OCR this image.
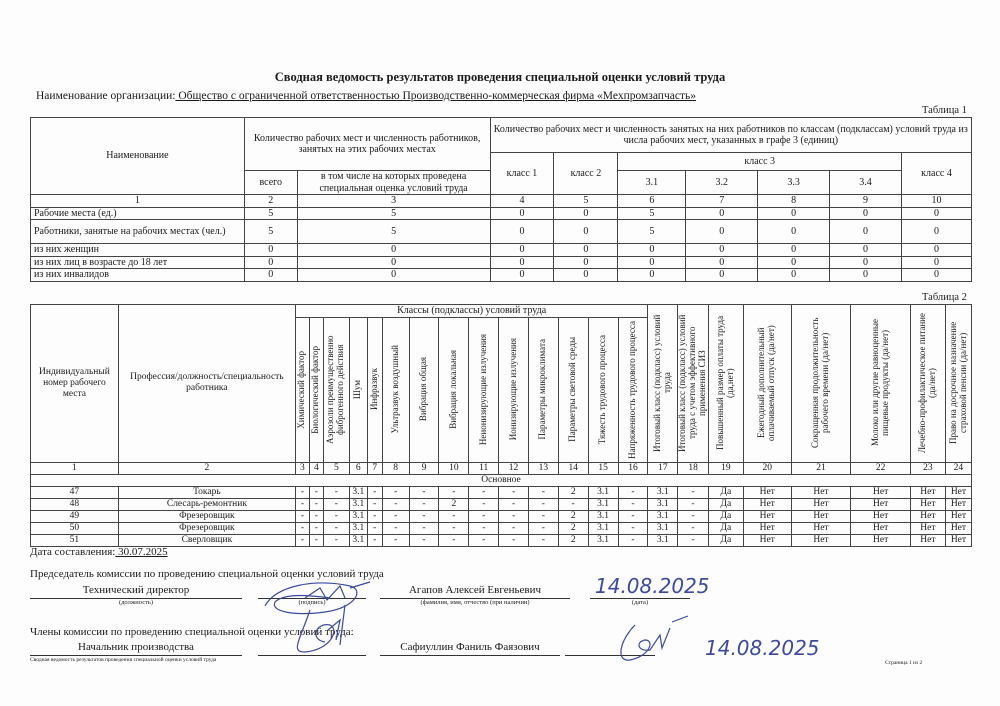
Сводная ведомость результатов проведения специальной оценки условий труда
Наименование организации: Общество с ограниченной ответственностью Производственно-коммерческая фирма «Мехпромзапчасть»
Таблица 1
Наименование	Количество рабочих мест и численность работников, занятых на этих рабочих местах		Количество рабочих мест и численность занятых на них работников по классам (подклассам) условий труда из числа рабочих мест, указанных в графе 3 (единиц)						
			класс 1	класс 2	класс 3				класс 4
	всего	в том числе на которых проведена специальная оценка условий труда			3.1	3.2	3.3	3.4	
1	2	3	4	5	6	7	8	9	10
Рабочие места (ед.)	5	5	0	0	5	0	0	0	0
Работники, занятые на рабочих местах (чел.)	5	5	0	0	5	0	0	0	0
из них женщин	0	0	0	0	0	0	0	0	0
из них лиц в возрасте до 18 лет	0	0	0	0	0	0	0	0	0
из них инвалидов	0	0	0	0	0	0	0	0	0
Таблица 2
Индивидуальный номер рабочего места	Профессия/должность/специальность работника	Классы (подклассы) условий труда														Итоговый класс (подкласс) условий труда	Итоговый класс (подкласс) условий труда с учетом эффективного применения СИЗ	Повышенный размер оплаты труда (да,нет)	Ежегодный дополнительный оплачиваемый отпуск (да/нет)	Сокращенная продолжительность рабочего времени (да/нет)	Молоко или другие равноценные пищевые продукты (да/нет)	Лечебно-профилактическое питание (да/нет)	Право на досрочное назначение страховой пенсии (да/нет)

		Химический фактор	Биологический фактор	Аэрозоли преимущественно фиброгенного действия	Шум	Инфразвук	Ультразвук воздушный	Вибрация общая	Вибрация локальная	Неионизирующие излучения	Ионизирующие излучения	Параметры микроклимата	Параметры световой среды	Тяжесть трудового процесса	Напряженность трудового процесса								

1	2	3	4	5	6	7	8	9	10	11	12	13	14	15	16	17	18	19	20	21	22	23	24
Основное																							
47	Токарь	-	-	-	3.1	-	-	-	-	-	-	-	2	3.1	-	3.1	-	Да	Нет	Нет	Нет	Нет	Нет
48	Слесарь-ремонтник	-	-	-	3.1	-	-	-	2	-	-	-	-	3.1	-	3.1	-	Да	Нет	Нет	Нет	Нет	Нет
49	Фрезеровщик	-	-	-	3.1	-	-	-	-	-	-	-	2	3.1	-	3.1	-	Да	Нет	Нет	Нет	Нет	Нет
50	Фрезеровщик	-	-	-	3.1	-	-	-	-	-	-	-	2	3.1	-	3.1	-	Да	Нет	Нет	Нет	Нет	Нет
51	Сверловщик	-	-	-	3.1	-	-	-	-	-	-	-	2	3.1	-	3.1	-	Да	Нет	Нет	Нет	Нет	Нет
Дата составления: 30.07.2025
Председатель комиссии по проведению специальной оценки условий труда
Технический директор
(должность)	(подпись)
Агапов Алексей Евгеньевич
(фамилия, имя, отчество (при наличии)
14.08.2025
(дата)
Члены комиссии по проведению специальной оценки условий труда:
Начальник производства	Сафиуллин Фаниль Фаязович	14.08.2025
Сводная ведомость результатов проведения специальной оценки условий труда	Страница 1 из 2
